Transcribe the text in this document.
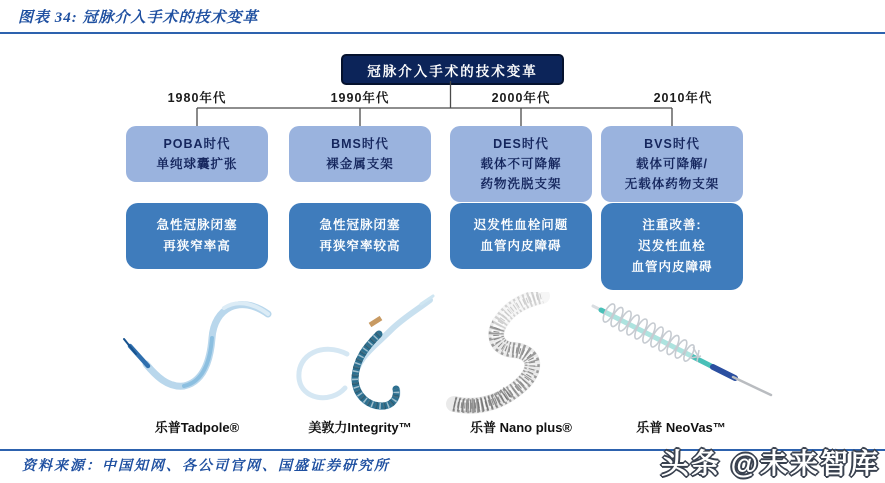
图表 34: 冠脉介入手术的技术变革
冠脉介入手术的技术变革
1980年代	1990年代	2000年代	2010年代
POBA时代
单纯球囊扩张
急性冠脉闭塞
再狭窄率高
乐普Tadpole®
BMS时代
裸金属支架
急性冠脉闭塞
再狭窄率较高
美敦力Integrity™
DES时代
载体不可降解
药物洗脱支架
迟发性血栓问题
血管内皮障碍
乐普 Nano plus®
BVS时代
载体可降解/
无载体药物支架
注重改善:
迟发性血栓
血管内皮障碍
乐普 NeoVas™
资料来源：中国知网、各公司官网、国盛证券研究所	头条 @未来智库
